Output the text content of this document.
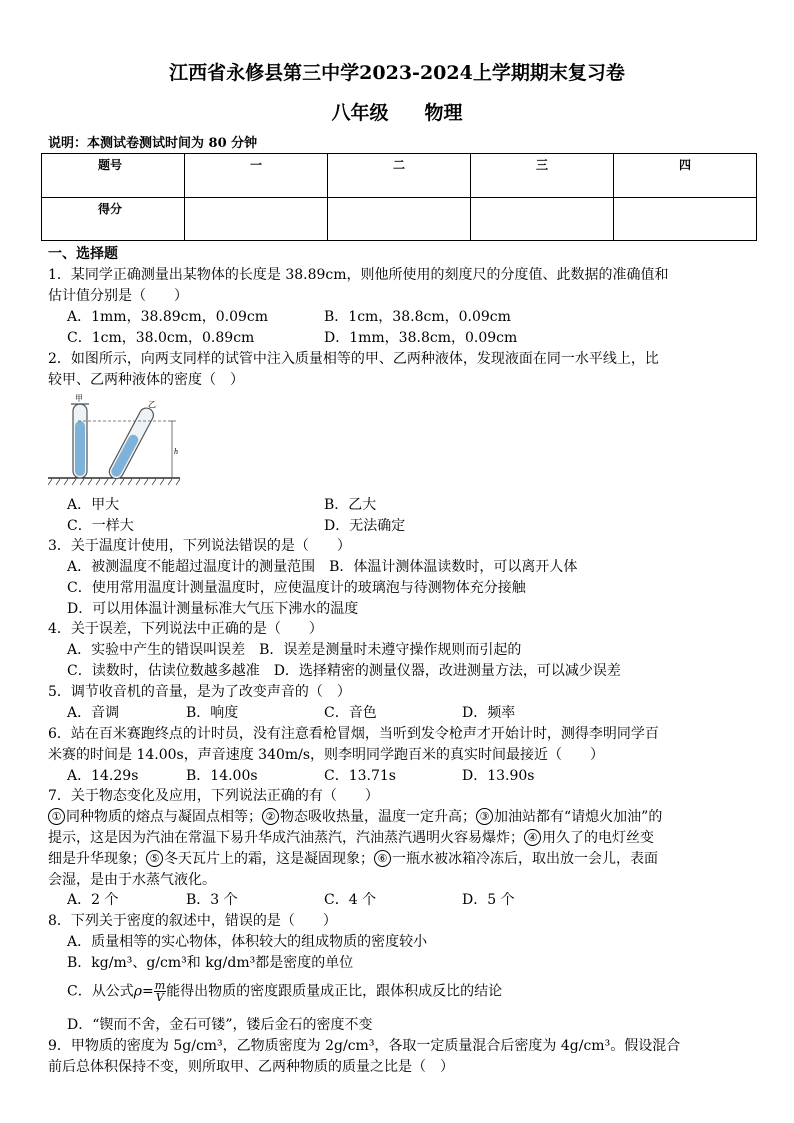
江西省永修县第三中学2023-2024上学期期末复习卷
八年级 物理
说明：本测试卷测试时间为 80 分钟
题号	一	二	三	四
得分				
一、选择题
1．某同学正确测量出某物体的长度是 38.89cm，则他所使用的刻度尺的分度值、此数据的准确值和
估计值分别是（　　）
A．1mm，38.89cm，0.09cm	B．1cm，38.8cm，0.09cm
C．1cm，38.0cm，0.89cm	D．1mm，38.8cm，0.09cm
2．如图所示，向两支同样的试管中注入质量相等的甲、乙两种液体，发现液面在同一水平线上，比
较甲、乙两种液体的密度（　）
h
甲
乙
A．甲大	B．乙大
C．一样大	D．无法确定
3．关于温度计使用，下列说法错误的是（　　）
A．被测温度不能超过温度计的测量范围　B．体温计测体温读数时，可以离开人体
C．使用常用温度计测量温度时，应使温度计的玻璃泡与待测物体充分接触
D．可以用体温计测量标准大气压下沸水的温度
4．关于误差，下列说法中正确的是（　　）
A．实验中产生的错误叫误差　B．误差是测量时未遵守操作规则而引起的
C．读数时，估读位数越多越准　D．选择精密的测量仪器，改进测量方法，可以减少误差
5．调节收音机的音量，是为了改变声音的（　）
A．音调	B．响度	C．音色	D．频率
6．站在百米赛跑终点的计时员，没有注意看枪冒烟，当听到发令枪声才开始计时，测得李明同学百
米赛的时间是 14.00s，声音速度 340m/s，则李明同学跑百米的真实时间最接近（　　）
A．14.29s	B．14.00s	C．13.71s	D．13.90s
7．关于物态变化及应用，下列说法正确的有（　　）
① 同种物质的熔点与凝固点相等； ② 物态吸收热量，温度一定升高； ③ 加油站都有“请熄火加油”的
提示，这是因为汽油在常温下易升华成汽油蒸汽，汽油蒸汽遇明火容易爆炸； ④ 用久了的电灯丝变
细是升华现象； ⑤ 冬天瓦片上的霜，这是凝固现象； ⑥ 一瓶水被冰箱冷冻后，取出放一会儿，表面
会湿，是由于水蒸气液化。
A．2 个	B．3 个	C．4 个	D．5 个
8．下列关于密度的叙述中，错误的是（　　）
A．质量相等的实心物体，体积较大的组成物质的密度较小
B．kg/m³、g/cm³和 kg/dm³都是密度的单位
C．从公式$\rho= \frac{m}{V}$ 能得出物质的密度跟质量成正比，跟体积成反比的结论
D．“锲而不舍，金石可镂”，镂后金石的密度不变
9．甲物质的密度为 5g/cm³，乙物质密度为 2g/cm³，各取一定质量混合后密度为 4g/cm³。假设混合
前后总体积保持不变，则所取甲、乙两种物质的质量之比是（　）
